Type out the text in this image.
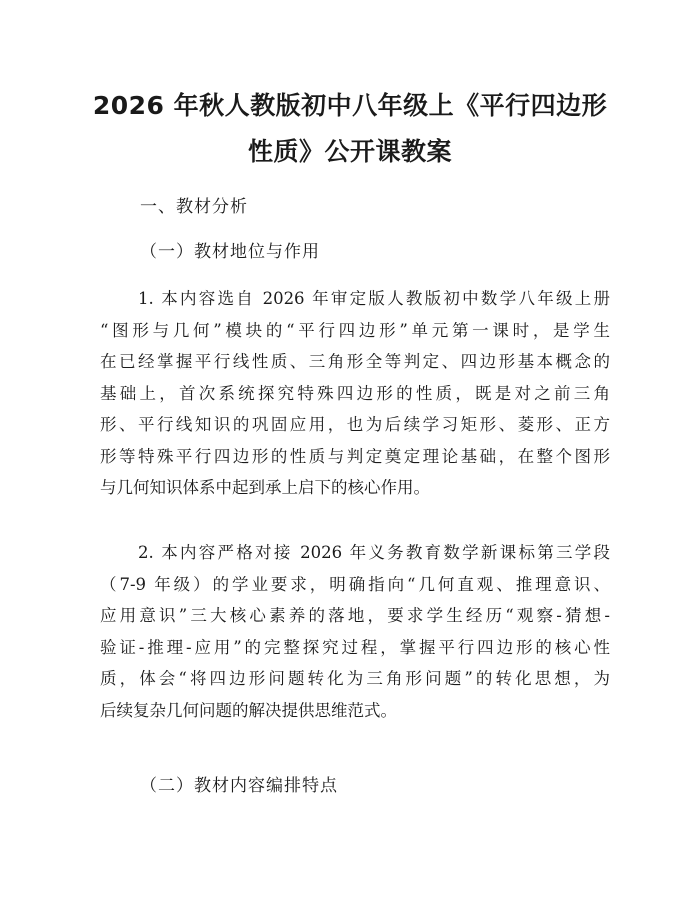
2026 年秋人教版初中八年级上《平行四边形
性质》公开课教案
一、教材分析
（一）教材地位与作用
1. 本内容选自 2026 年审定版人教版初中数学八年级上册
“图形与几何”模块的“平行四边形”单元第一课时，是学生
在已经掌握平行线性质、三角形全等判定、四边形基本概念的
基础上，首次系统探究特殊四边形的性质，既是对之前三角
形、平行线知识的巩固应用，也为后续学习矩形、菱形、正方
形等特殊平行四边形的性质与判定奠定理论基础，在整个图形
与几何知识体系中起到承上启下的核心作用。
2. 本内容严格对接 2026 年义务教育数学新课标第三学段
（7-9 年级）的学业要求，明确指向“几何直观、推理意识、
应用意识”三大核心素养的落地，要求学生经历“观察-猜想-
验证-推理-应用”的完整探究过程，掌握平行四边形的核心性
质，体会“将四边形问题转化为三角形问题”的转化思想，为
后续复杂几何问题的解决提供思维范式。
（二）教材内容编排特点
